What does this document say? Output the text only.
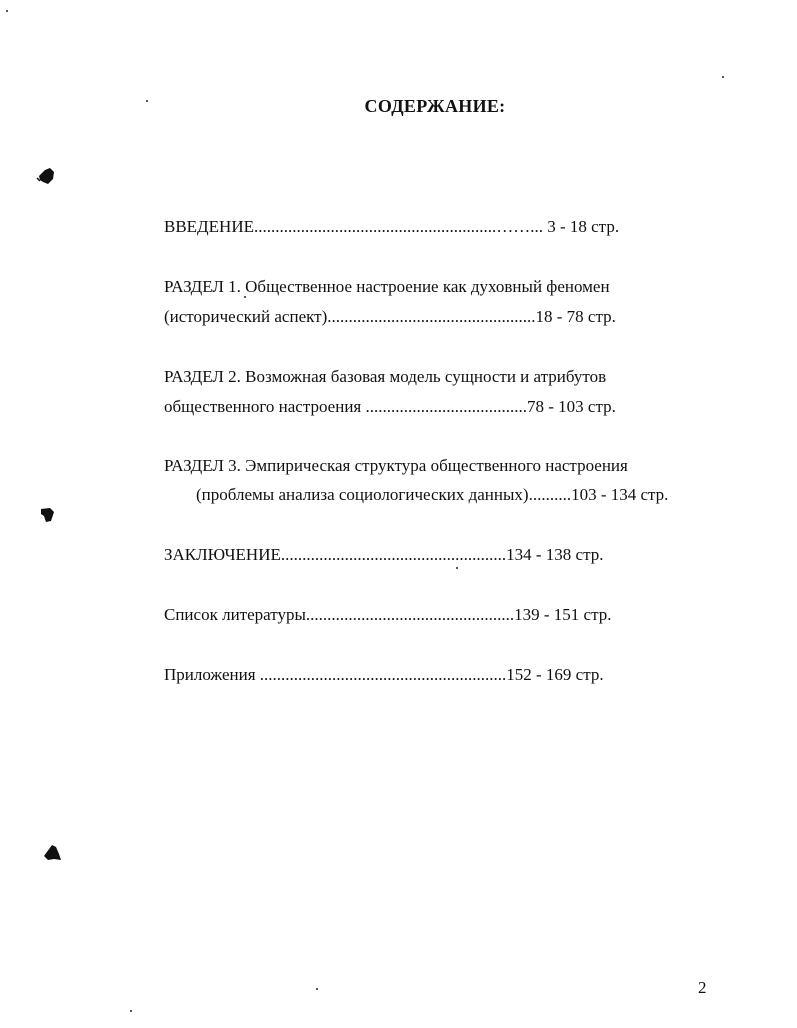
СОДЕРЖАНИЕ:
ВВЕДЕНИЕ.........................................................……... 3 - 18 стр.
РАЗДЕЛ 1. Общественное настроение как духовный феномен
(исторический аспект).................................................18 - 78 стр.
РАЗДЕЛ 2. Возможная базовая модель сущности и атрибутов
общественного настроения ......................................78 - 103 стр.
РАЗДЕЛ 3. Эмпирическая структура общественного настроения
(проблемы анализа социологических данных)..........103 - 134 стр.
ЗАКЛЮЧЕНИЕ.....................................................134 - 138 стр.
Список литературы.................................................139 - 151 стр.
Приложения ..........................................................152 - 169 стр.
2
